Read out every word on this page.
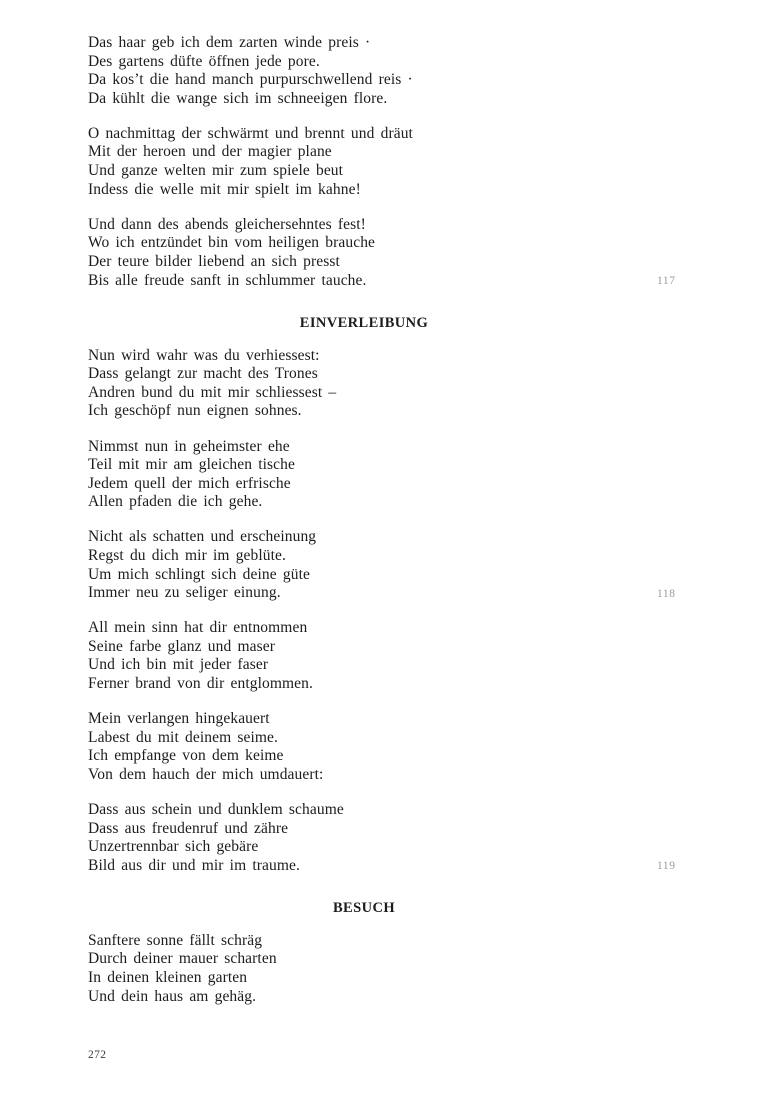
Das haar geb ich dem zarten winde preis ·
Des gartens düfte öffnen jede pore.
Da kos’t die hand manch purpurschwellend reis ·
Da kühlt die wange sich im schneeigen flore.
O nachmittag der schwärmt und brennt und dräut
Mit der heroen und der magier plane
Und ganze welten mir zum spiele beut
Indess die welle mit mir spielt im kahne!
Und dann des abends gleichersehntes fest!
Wo ich entzündet bin vom heiligen brauche
Der teure bilder liebend an sich presst
Bis alle freude sanft in schlummer tauche.	117
EINVERLEIBUNG
Nun wird wahr was du verhiessest:
Dass gelangt zur macht des Trones
Andren bund du mit mir schliessest –
Ich geschöpf nun eignen sohnes.
Nimmst nun in geheimster ehe
Teil mit mir am gleichen tische
Jedem quell der mich erfrische
Allen pfaden die ich gehe.
Nicht als schatten und erscheinung
Regst du dich mir im geblüte.
Um mich schlingt sich deine güte
Immer neu zu seliger einung.	118
All mein sinn hat dir entnommen
Seine farbe glanz und maser
Und ich bin mit jeder faser
Ferner brand von dir entglommen.
Mein verlangen hingekauert
Labest du mit deinem seime.
Ich empfange von dem keime
Von dem hauch der mich umdauert:
Dass aus schein und dunklem schaume
Dass aus freudenruf und zähre
Unzertrennbar sich gebäre
Bild aus dir und mir im traume.	119
BESUCH
Sanftere sonne fällt schräg
Durch deiner mauer scharten
In deinen kleinen garten
Und dein haus am gehäg.
272
